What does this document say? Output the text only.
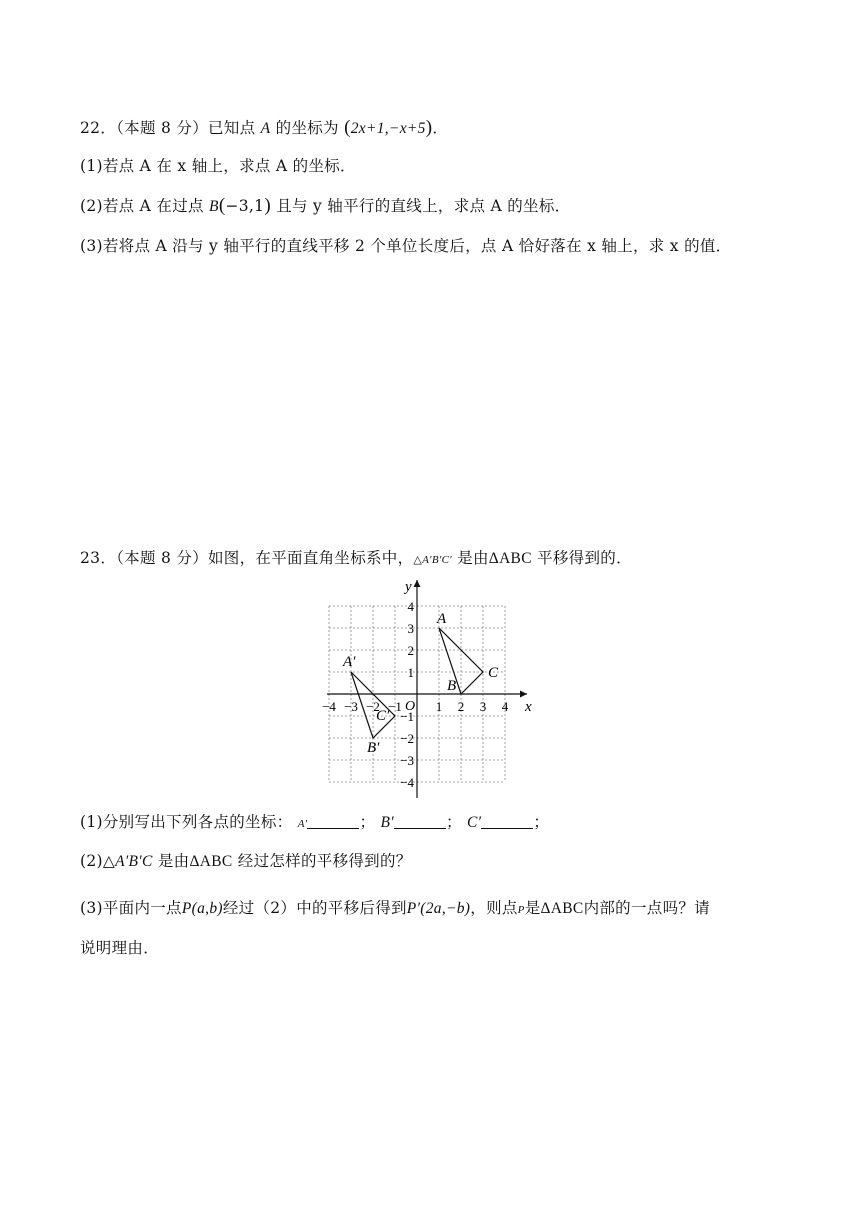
22．（本题 8 分）已知点 A 的坐标为 (2x+1,−x+5)．
(1)若点 A 在 x 轴上，求点 A 的坐标．
(2)若点 A 在过点 B(−3,1) 且与 y 轴平行的直线上，求点 A 的坐标．
(3)若将点 A 沿与 y 轴平行的直线平移 2 个单位长度后，点 A 恰好落在 x 轴上，求 x 的值．
23．（本题 8 分）如图，在平面直角坐标系中，△A′B′C′ 是由ΔABC 平移得到的．
x
y
O
−4 −3 −2 −1	1 2 3 4
4
3
2
1
−1
−2
−3
−4
A
B
C
A′
B′
C′
(1)分别写出下列各点的坐标： A′	； B′	； C′	；
(2)△A′B′C 是由ΔABC 经过怎样的平移得到的？
(3)平面内一点P(a,b)经过（2）中的平移后得到P′(2a,−b)，则点P是ΔABC内部的一点吗？请
说明理由．
